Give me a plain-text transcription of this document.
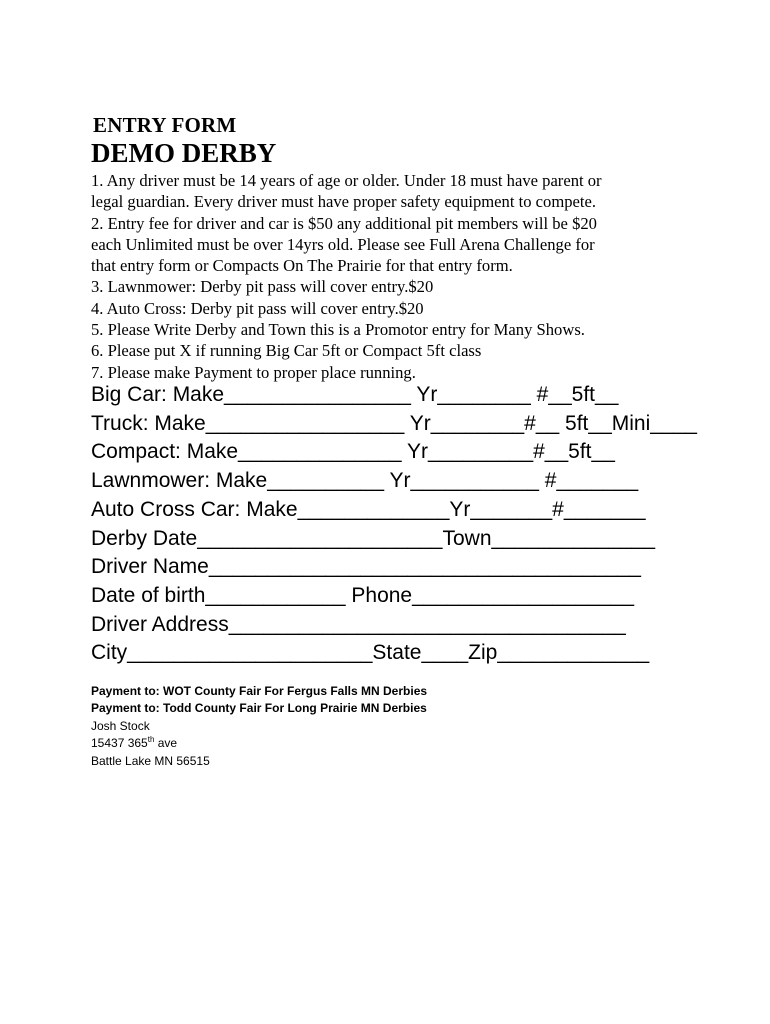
ENTRY FORM
DEMO DERBY
1. Any driver must be 14 years of age or older. Under 18 must have parent or
legal guardian. Every driver must have proper safety equipment to compete.
2. Entry fee for driver and car is $50 any additional pit members will be $20
each Unlimited must be over 14yrs old. Please see Full Arena Challenge for
that entry form or Compacts On The Prairie for that entry form.
3. Lawnmower: Derby pit pass will cover entry.$20
4. Auto Cross: Derby pit pass will cover entry.$20
5. Please Write Derby and Town this is a Promotor entry for Many Shows.
6. Please put X if running Big Car 5ft or Compact 5ft class
7. Please make Payment to proper place running.
Big Car: Make________________ Yr________ #__5ft__
Truck: Make_________________ Yr________#__ 5ft__Mini____
Compact: Make______________ Yr_________#__5ft__
Lawnmower: Make__________ Yr___________ #_______
Auto Cross Car: Make_____________Yr_______#_______
Derby Date_____________________Town______________
Driver Name_____________________________________
Date of birth____________ Phone___________________
Driver Address__________________________________
City_____________________State____Zip_____________
Payment to: WOT County Fair For Fergus Falls MN Derbies
Payment to: Todd County Fair For Long Prairie MN Derbies
Josh Stock
15437 365th ave
Battle Lake MN 56515
